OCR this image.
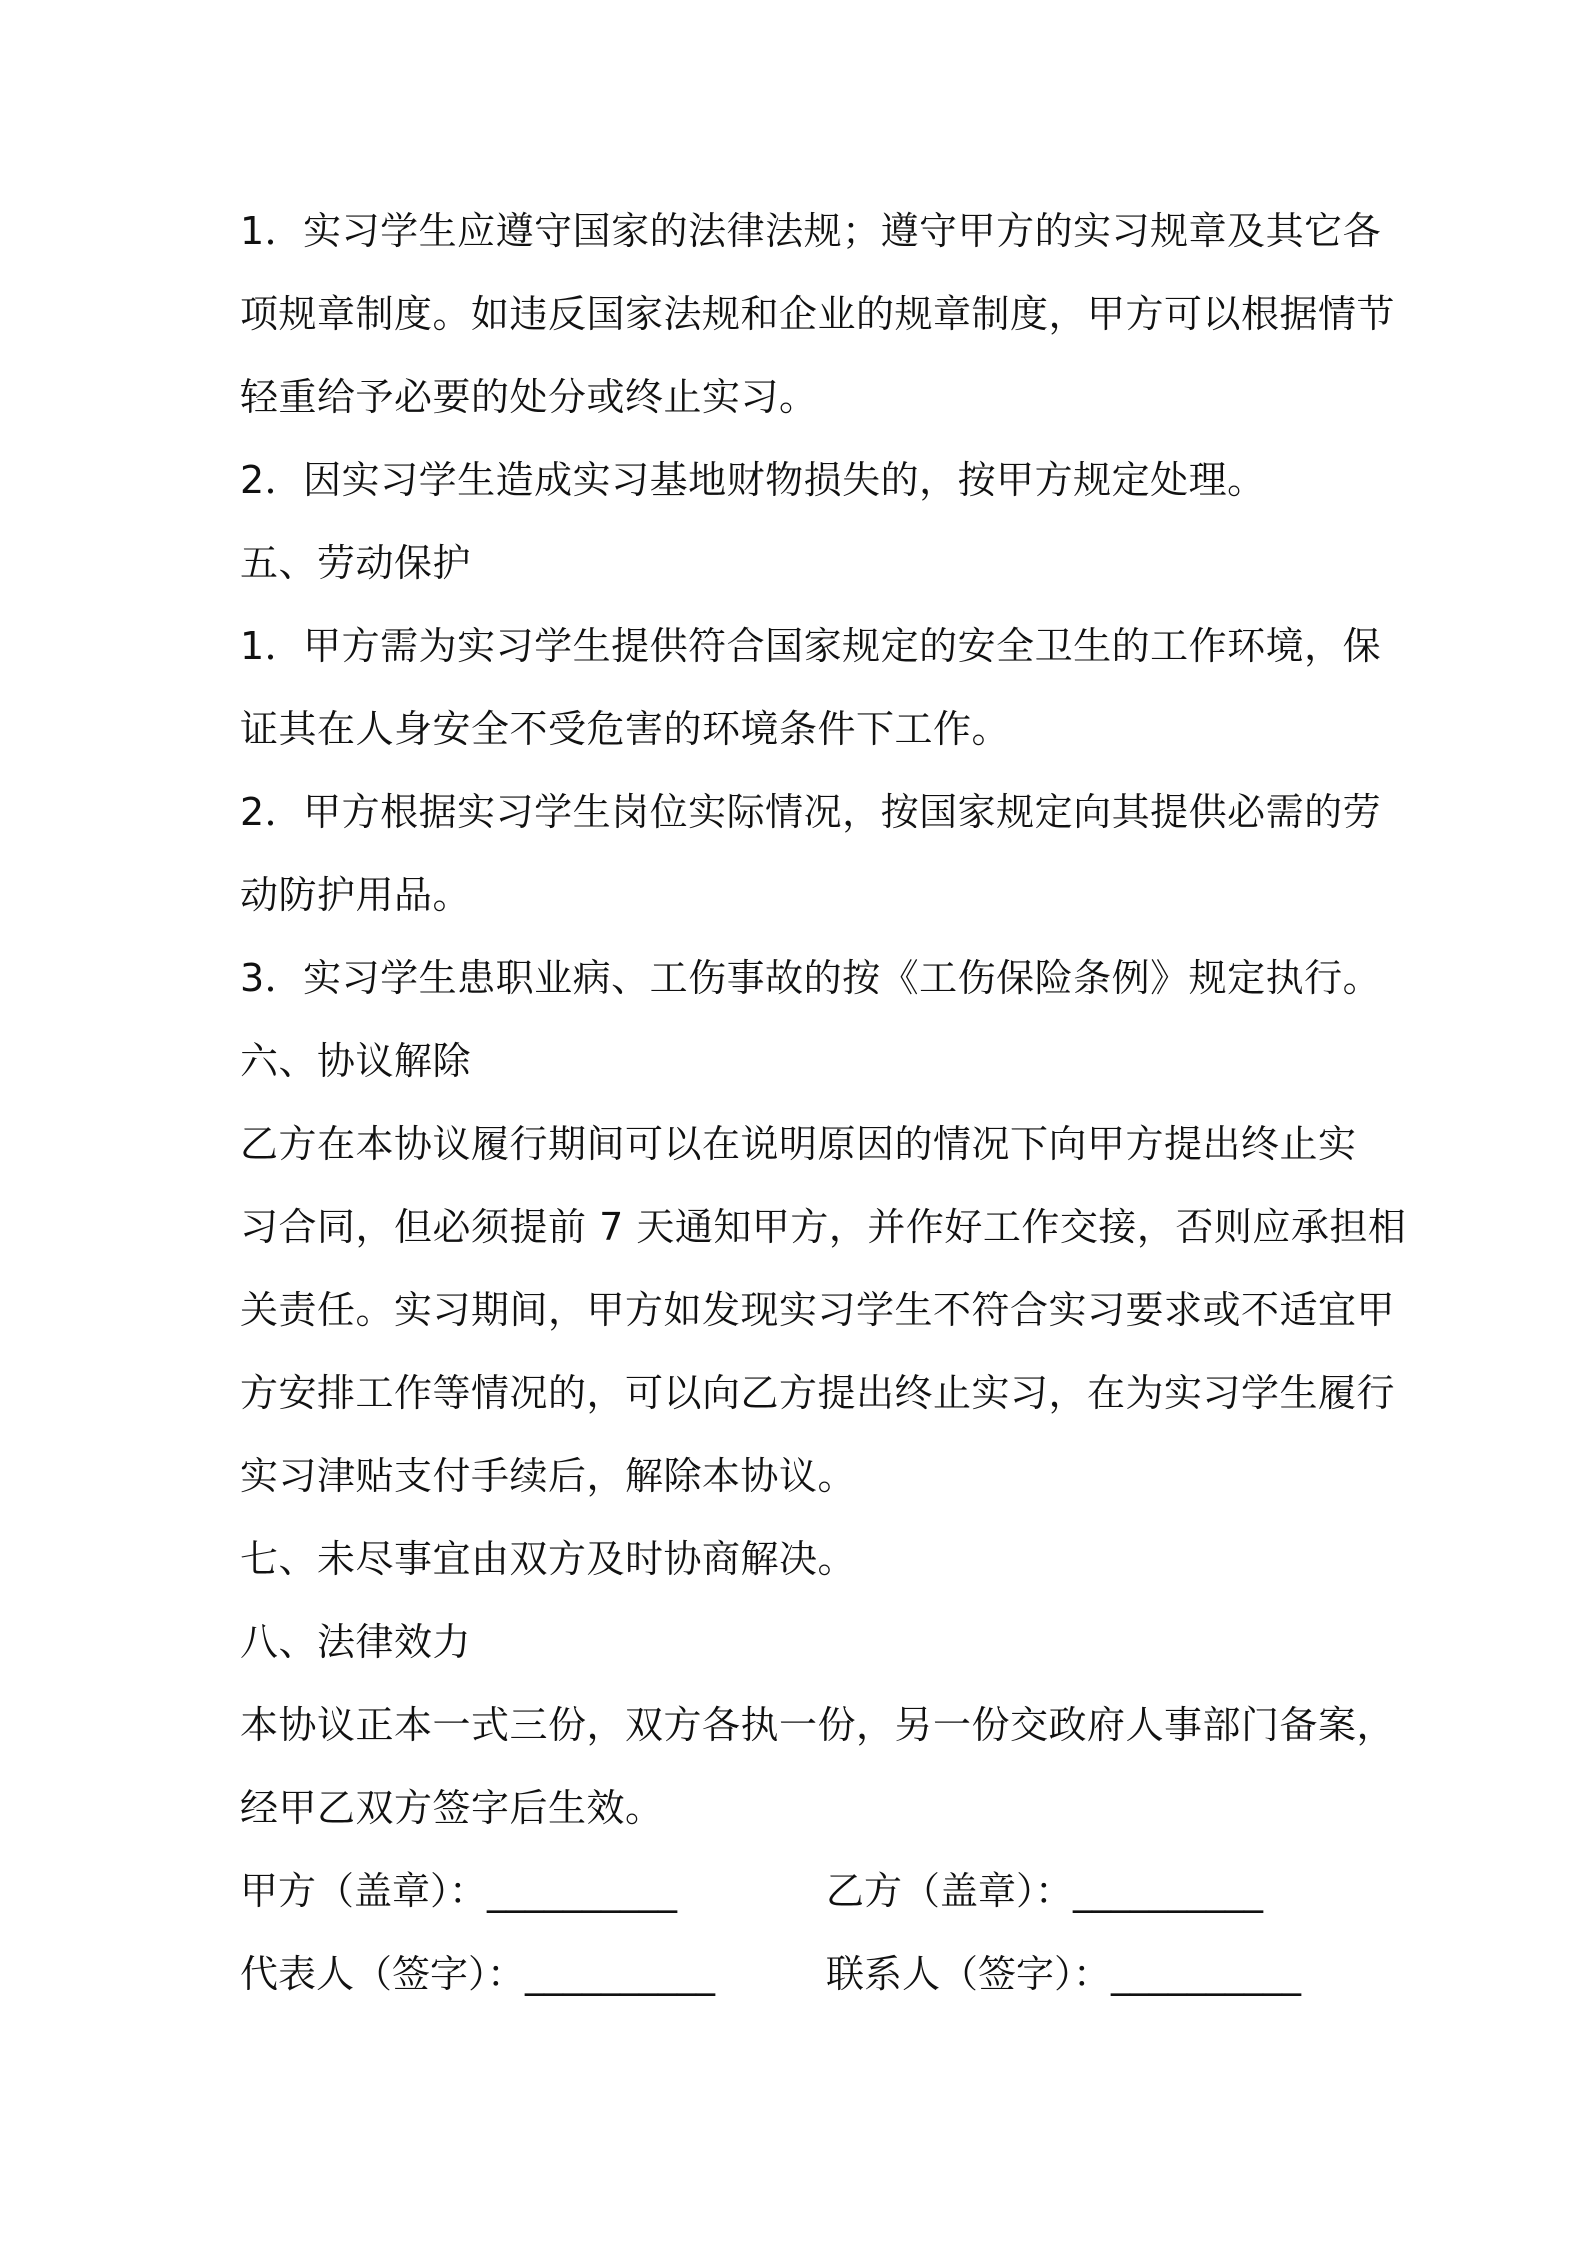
1．实习学生应遵守国家的法律法规；遵守甲方的实习规章及其它各
项规章制度。如违反国家法规和企业的规章制度，甲方可以根据情节
轻重给予必要的处分或终止实习。
2．因实习学生造成实习基地财物损失的，按甲方规定处理。
五、劳动保护
1．甲方需为实习学生提供符合国家规定的安全卫生的工作环境，保
证其在人身安全不受危害的环境条件下工作。
2．甲方根据实习学生岗位实际情况，按国家规定向其提供必需的劳
动防护用品。
3．实习学生患职业病、工伤事故的按《工伤保险条例》规定执行。
六、协议解除
乙方在本协议履行期间可以在说明原因的情况下向甲方提出终止实
习合同，但必须提前 7 天通知甲方，并作好工作交接，否则应承担相
关责任。实习期间，甲方如发现实习学生不符合实习要求或不适宜甲
方安排工作等情况的，可以向乙方提出终止实习，在为实习学生履行
实习津贴支付手续后，解除本协议。
七、未尽事宜由双方及时协商解决。
八、法律效力
本协议正本一式三份，双方各执一份，另一份交政府人事部门备案，
经甲乙双方签字后生效。
甲方（盖章）：__________	乙方（盖章）：__________
代表人（签字）：__________	联系人（签字）：__________
